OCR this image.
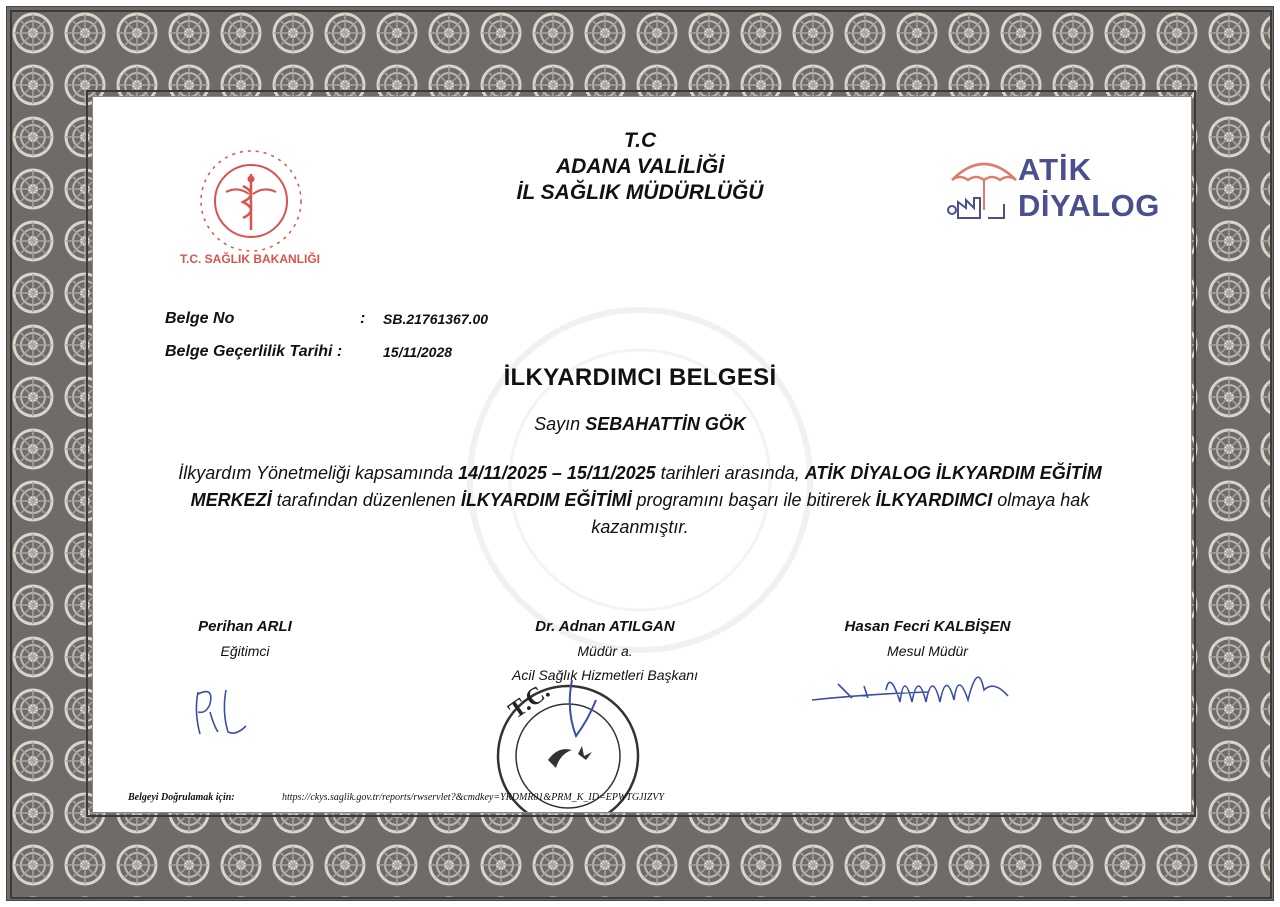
T.C. SAĞLIK BAKANLIĞI
T.C
ADANA VALİLİĞİ
İL SAĞLIK MÜDÜRLÜĞÜ
ATİK
DİYALOG
Belge No	: SB.21761367.00
Belge Geçerlilik Tarihi :	15/11/2028
İLKYARDIMCI BELGESİ
Sayın SEBAHATTİN GÖK
İlkyardım Yönetmeliği kapsamında 14/11/2025 – 15/11/2025 tarihleri arasında, ATİK DİYALOG İLKYARDIM EĞİTİM MERKEZİ tarafından düzenlenen İLKYARDIM EĞİTİMİ programını başarı ile bitirerek İLKYARDIMCI olmaya hak kazanmıştır.
Perihan ARLI
Eğitimci
Dr. Adnan ATILGAN
Müdür a.
Acil Sağlık Hizmetleri Başkanı
T.C.
Hasan Fecri KALBİŞEN
Mesul Müdür
Belgeyi Doğrulamak için:	https://ckys.saglik.gov.tr/reports/rwservlet?&cmdkey=YRDMR01&PRM_K_ID=EPWTGJIZVY
